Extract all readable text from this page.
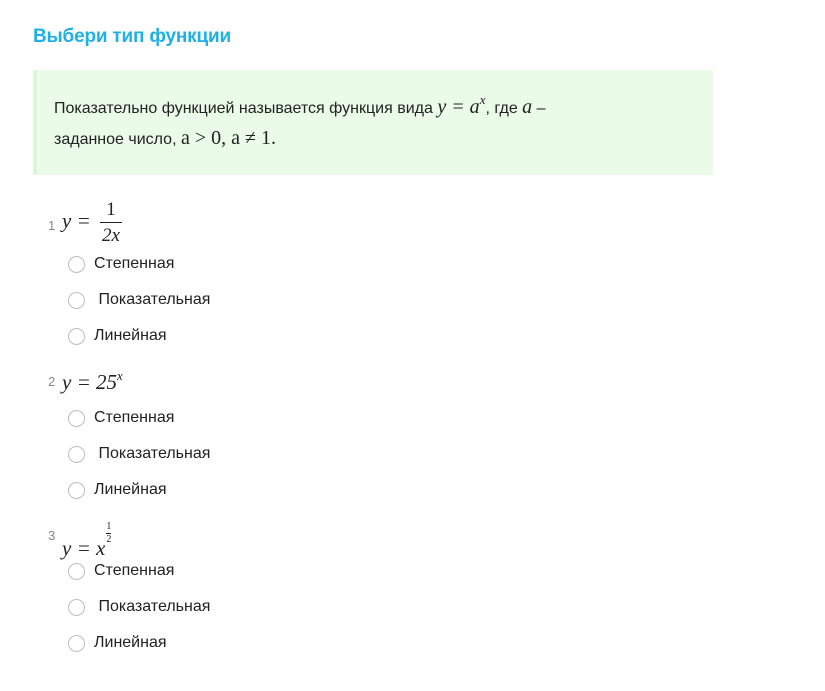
Выбери тип функции
Показательно функцией называется функция вида $y = a^x$, где a –
заданное число, a > 0, a ≠ 1.
1 $y = \frac{1}{2x}$
Степенная
Показательная
Линейная
2 $y = 25^x$
Степенная
Показательная
Линейная
3
y = x
$\frac{1}{2}$
Степенная
Показательная
Линейная
